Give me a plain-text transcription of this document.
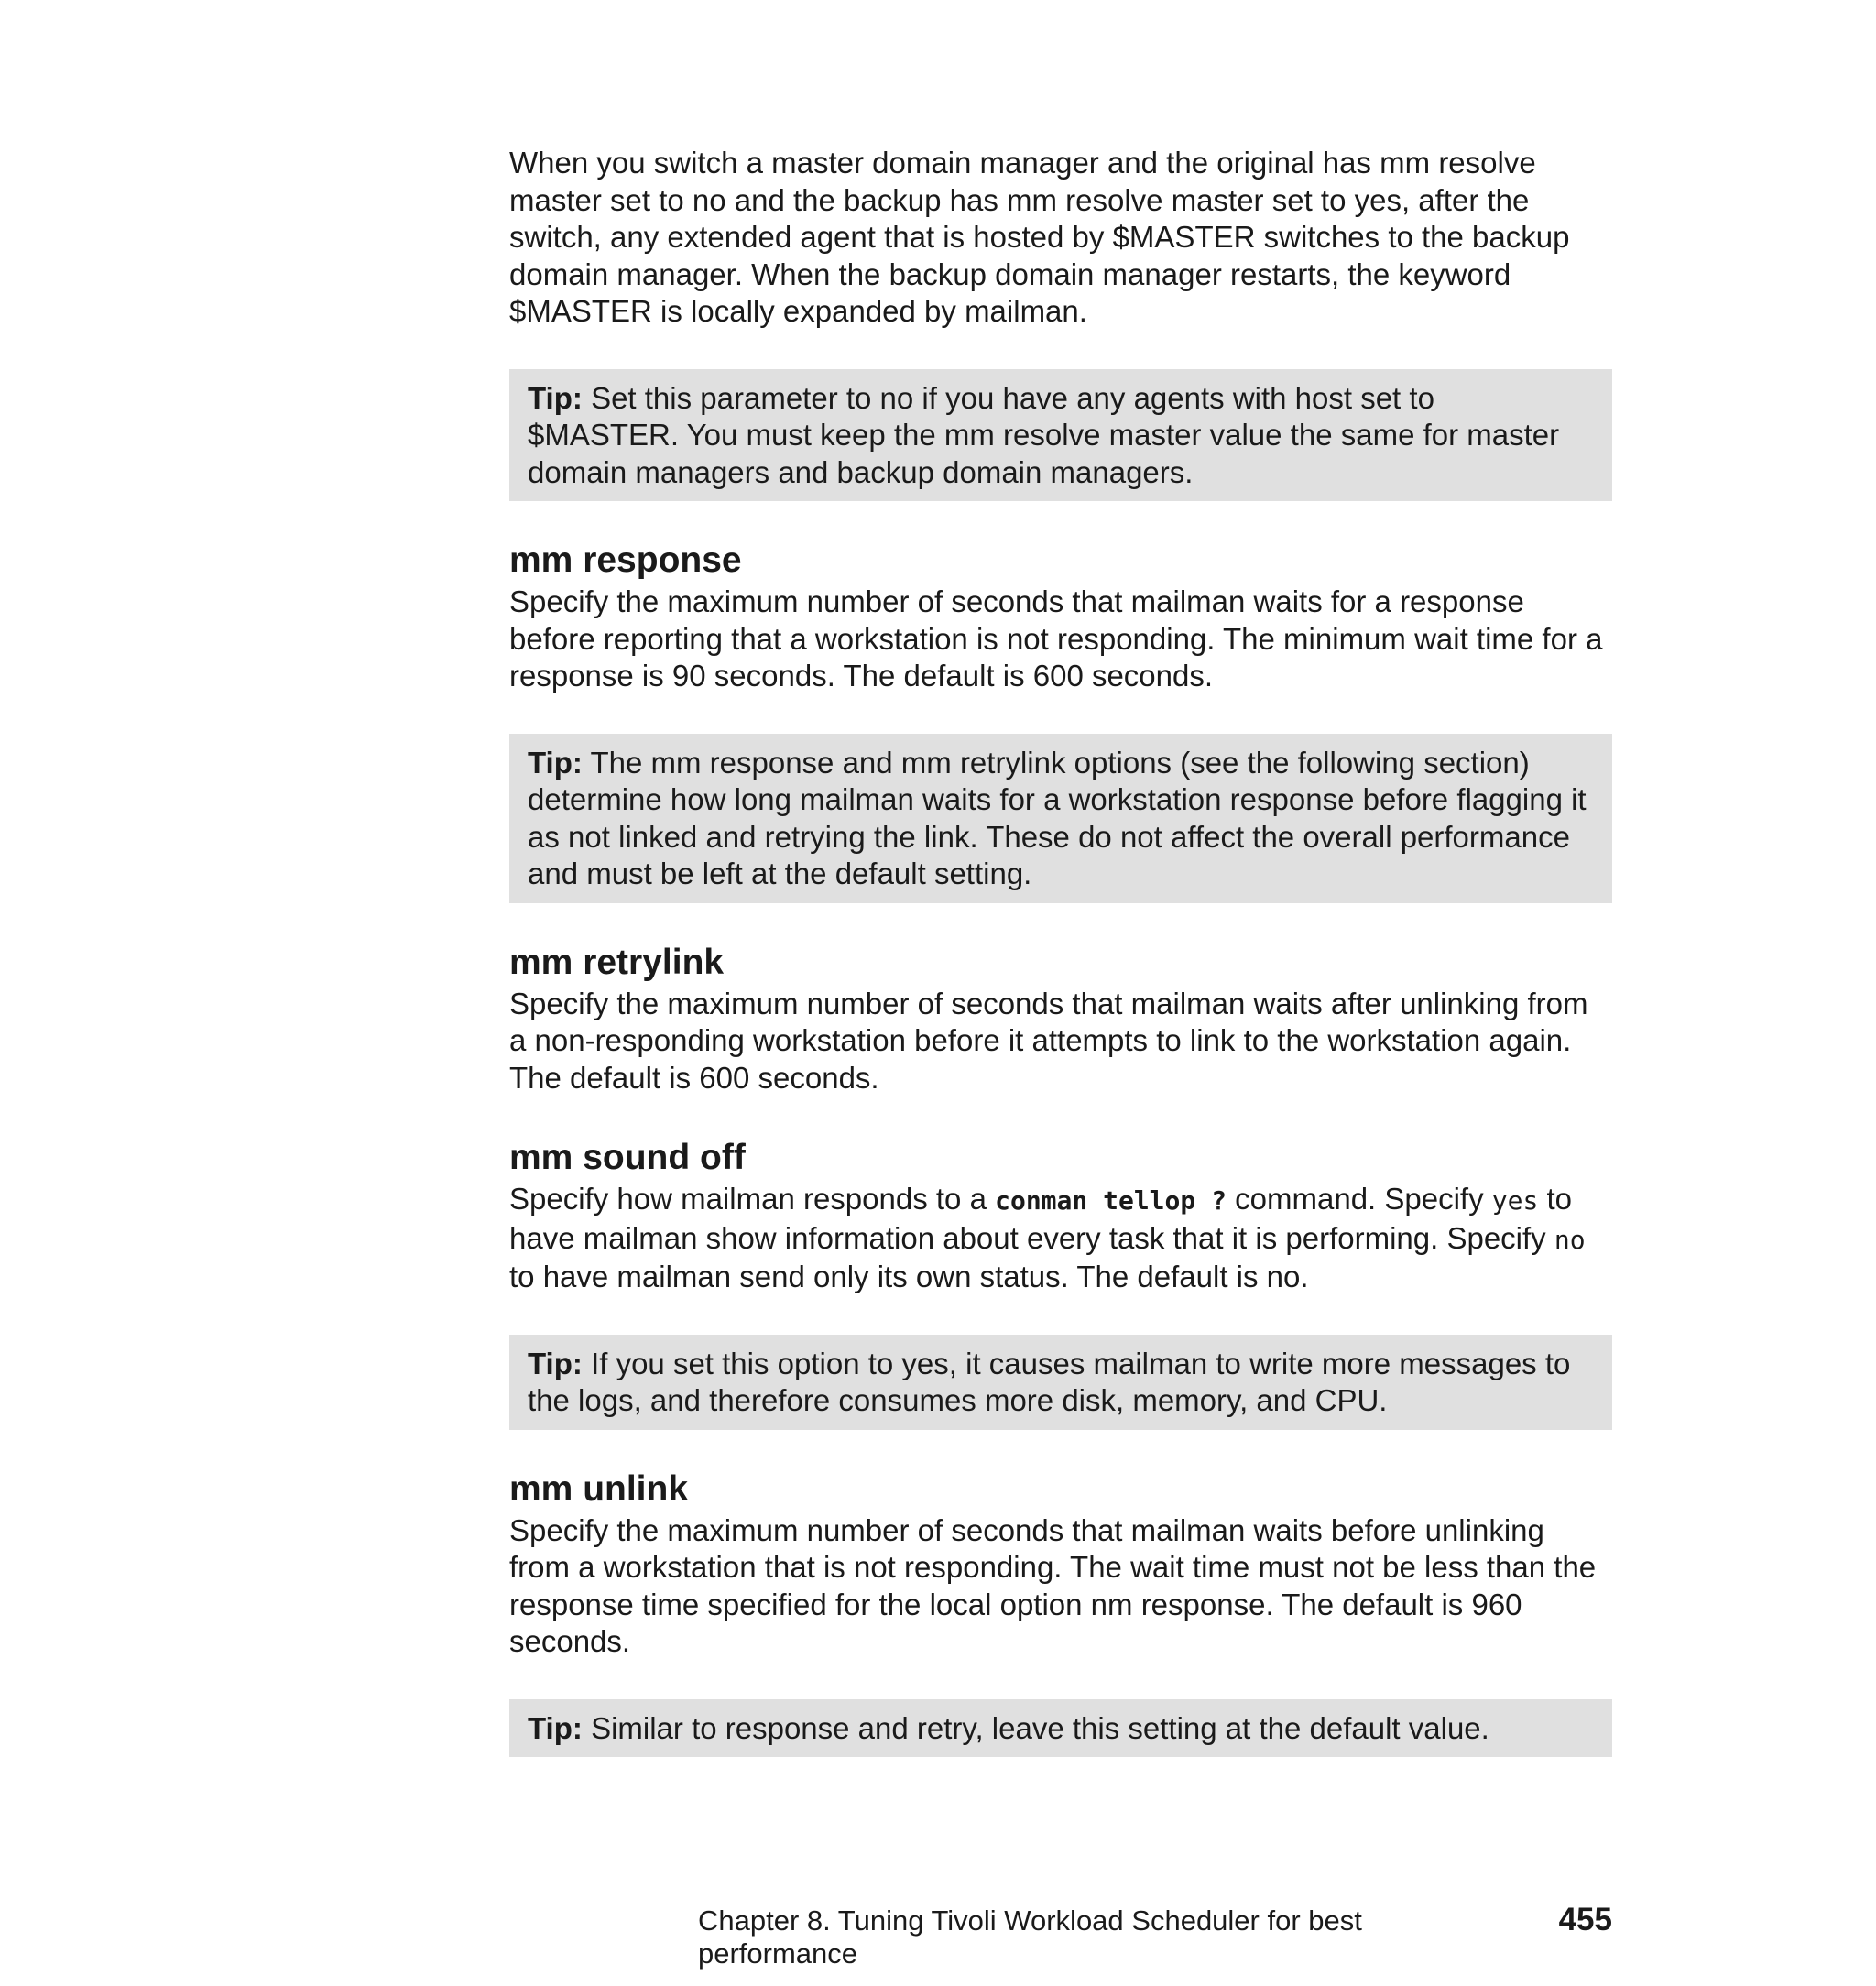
When you switch a master domain manager and the original has mm resolve master set to no and the backup has mm resolve master set to yes, after the switch, any extended agent that is hosted by $MASTER switches to the backup domain manager. When the backup domain manager restarts, the keyword $MASTER is locally expanded by mailman.

Tip: Set this parameter to no if you have any agents with host set to $MASTER. You must keep the mm resolve master value the same for master domain managers and backup domain managers.
mm response

Specify the maximum number of seconds that mailman waits for a response before reporting that a workstation is not responding. The minimum wait time for a response is 90 seconds. The default is 600 seconds.

Tip: The mm response and mm retrylink options (see the following section) determine how long mailman waits for a workstation response before flagging it as not linked and retrying the link. These do not affect the overall performance and must be left at the default setting.
mm retrylink

Specify the maximum number of seconds that mailman waits after unlinking from a non-responding workstation before it attempts to link to the workstation again. The default is 600 seconds.

mm sound off

Specify how mailman responds to a conman tellop ? command. Specify yes to have mailman show information about every task that it is performing. Specify no to have mailman send only its own status. The default is no.

Tip: If you set this option to yes, it causes mailman to write more messages to the logs, and therefore consumes more disk, memory, and CPU.
mm unlink

Specify the maximum number of seconds that mailman waits before unlinking from a workstation that is not responding. The wait time must not be less than the response time specified for the local option nm response. The default is 960 seconds.

Tip: Similar to response and retry, leave this setting at the default value.
Chapter 8. Tuning Tivoli Workload Scheduler for best performance
455
